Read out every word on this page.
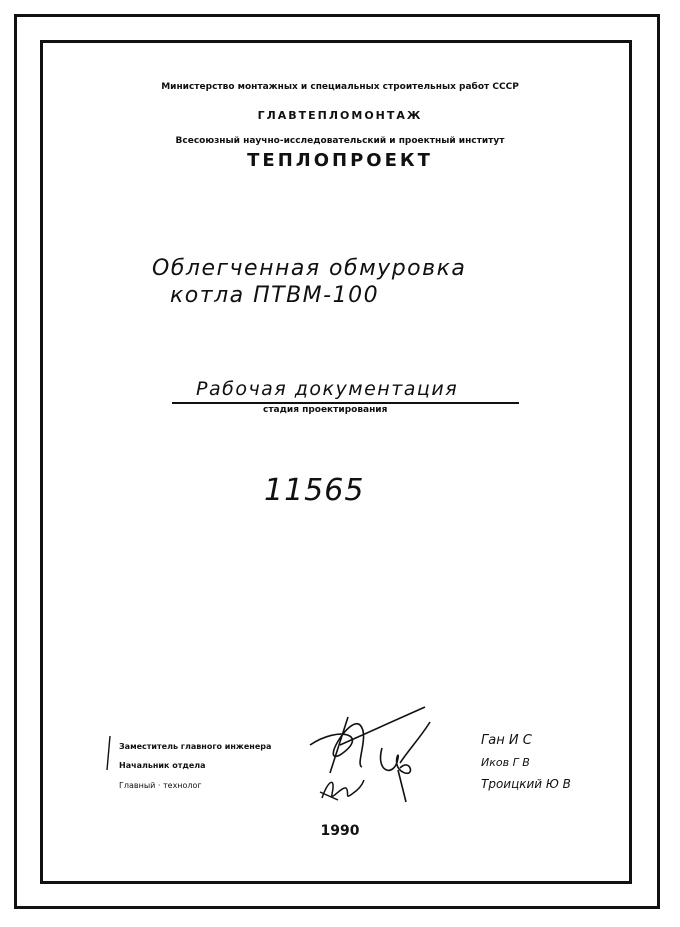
Министерство монтажных и специальных строительных работ СССР
ГЛАВТЕПЛОМОНТАЖ
Всесоюзный научно-исследовательский и проектный институт
ТЕПЛОПРОЕКТ
Облегченная обмуровка
котла ПТВМ-100
Рабочая документация
стадия проектирования
11565
Заместитель главного инженера
Начальник отдела
Главный · технолог
Ган И С
Иков Г В
Троицкий Ю В
1990
